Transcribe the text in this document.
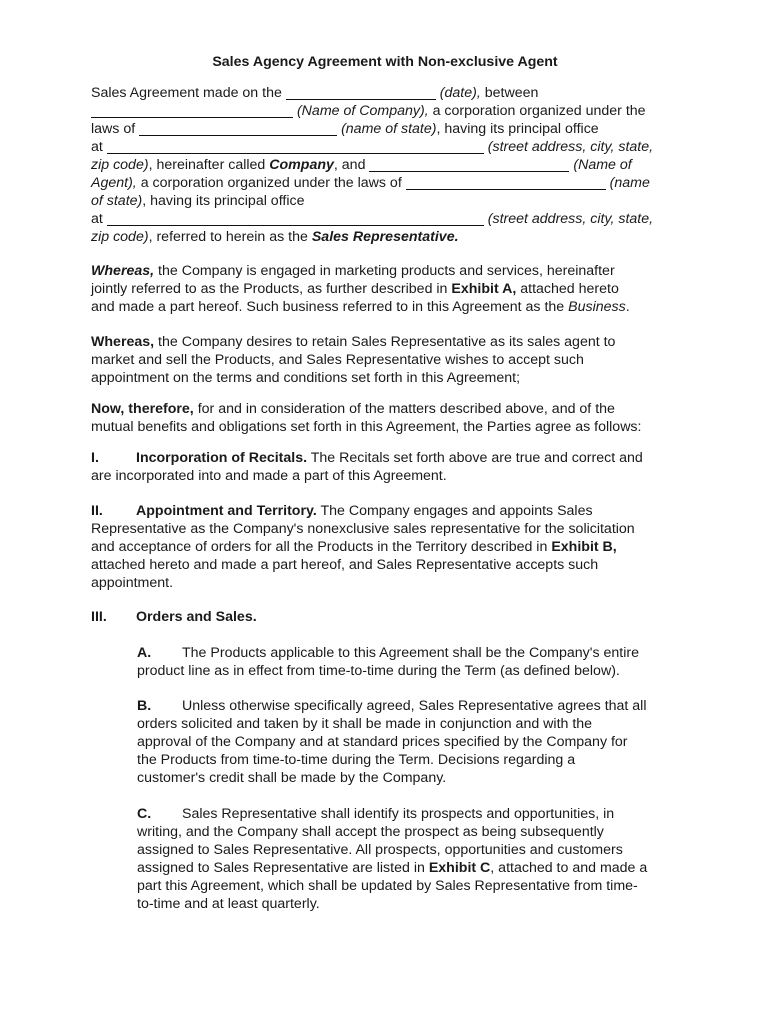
Sales Agency Agreement with Non-exclusive Agent
Sales Agreement made on the	(date), between
(Name of Company), a corporation organized under the
laws of	(name of state), having its principal office
at	(street address, city, state,
zip code), hereinafter called Company, and	(Name of
Agent), a corporation organized under the laws of	(name
of state), having its principal office
at	(street address, city, state,
zip code), referred to herein as the Sales Representative.
Whereas, the Company is engaged in marketing products and services, hereinafter
jointly referred to as the Products, as further described in Exhibit A, attached hereto
and made a part hereof. Such business referred to in this Agreement as the Business.
Whereas, the Company desires to retain Sales Representative as its sales agent to
market and sell the Products, and Sales Representative wishes to accept such
appointment on the terms and conditions set forth in this Agreement;
Now, therefore, for and in consideration of the matters described above, and of the
mutual benefits and obligations set forth in this Agreement, the Parties agree as follows:
I.	Incorporation of Recitals. The Recitals set forth above are true and correct and
are incorporated into and made a part of this Agreement.
II. Appointment and Territory. The Company engages and appoints Sales
Representative as the Company's nonexclusive sales representative for the solicitation
and acceptance of orders for all the Products in the Territory described in Exhibit B,
attached hereto and made a part hereof, and Sales Representative accepts such
appointment.
III. Orders and Sales.
A. The Products applicable to this Agreement shall be the Company's entire
product line as in effect from time-to-time during the Term (as defined below).
B. Unless otherwise specifically agreed, Sales Representative agrees that all
orders solicited and taken by it shall be made in conjunction and with the
approval of the Company and at standard prices specified by the Company for
the Products from time-to-time during the Term. Decisions regarding a
customer's credit shall be made by the Company.
C. Sales Representative shall identify its prospects and opportunities, in
writing, and the Company shall accept the prospect as being subsequently
assigned to Sales Representative. All prospects, opportunities and customers
assigned to Sales Representative are listed in Exhibit C, attached to and made a
part this Agreement, which shall be updated by Sales Representative from time-
to-time and at least quarterly.
